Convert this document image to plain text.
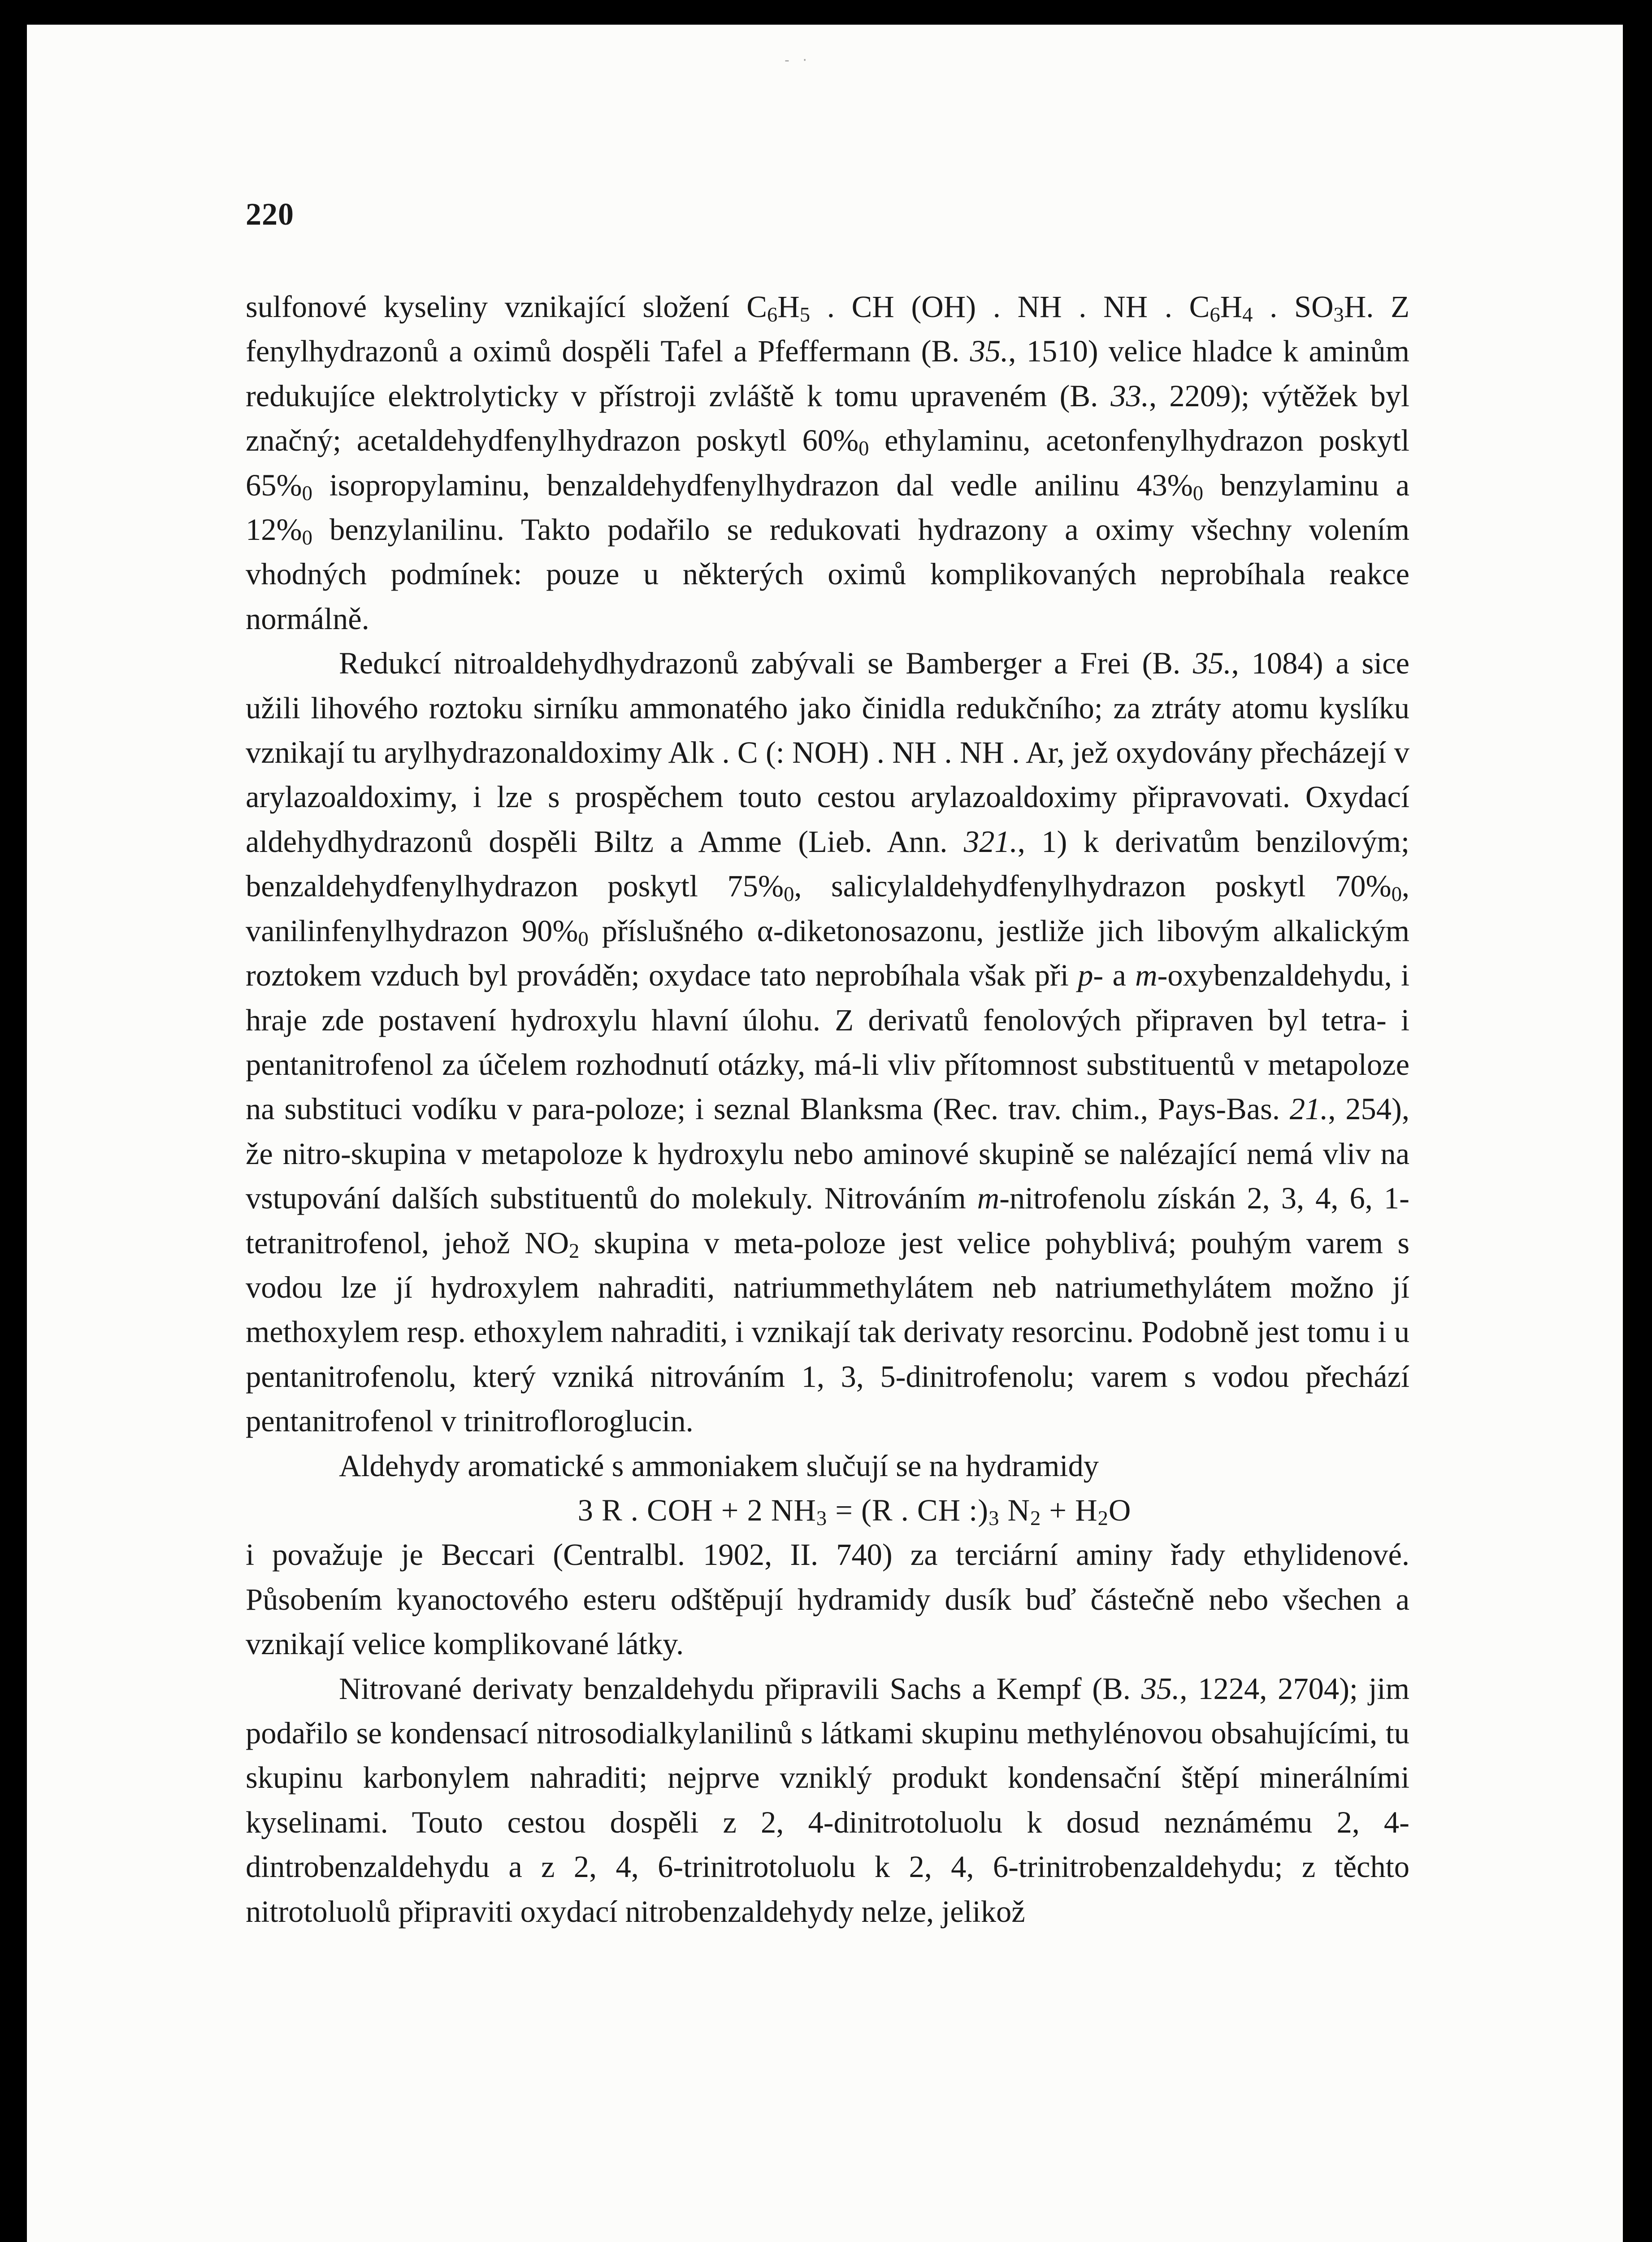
- ·
220

sulfonové kyseliny vznikající složení $C_6H_5$ . CH (OH) . NH . NH . $C_6H_4$ . $SO_3H$. Z fenylhydrazonů a oximů dospěli Tafel a Pfeffermann (B. 35., 1510) velice hladce k aminům redukujíce elektrolyticky v přístroji zvláště k tomu upraveném (B. 33., 2209); výtěžek byl značný; acetaldehydfenylhydrazon poskytl $60\%_0$ ethylaminu, acetonfenylhydrazon poskytl $65\%_0$ isopropylaminu, benzaldehydfenylhydrazon dal vedle anilinu $43\%_0$ benzylaminu a $12\%_0$ benzylanilinu. Takto podařilo se redukovati hydrazony a oximy všechny volením vhodných podmínek: pouze u některých oximů komplikovaných neprobíhala reakce normálně.

Redukcí nitroaldehydhydrazonů zabývali se Bamberger a Frei (B. 35., 1084) a sice užili lihového roztoku sirníku ammonatého jako činidla redukčního; za ztráty atomu kyslíku vznikají tu arylhydrazonaldoximy Alk . C (: NOH) . NH . NH . Ar, jež oxydovány přecházejí v arylazoaldoximy, i lze s prospěchem touto cestou arylazoaldoximy připravovati. Oxydací aldehydhydrazonů dospěli Biltz a Amme (Lieb. Ann. 321., 1) k derivatům benzilovým; benzaldehydfenylhydrazon poskytl $75\%_0$, salicylaldehydfenylhydrazon poskytl $70\%_0$, vanilinfenylhydrazon $90\%_0$ příslušného α-diketonosazonu, jestliže jich libovým alkalickým roztokem vzduch byl prováděn; oxydace tato neprobíhala však při p- a m-oxybenzaldehydu, i hraje zde postavení hydroxylu hlavní úlohu. Z derivatů fenolových připraven byl tetra- i pentanitrofenol za účelem rozhodnutí otázky, má-li vliv přítomnost substituentů v metapoloze na substituci vodíku v para-poloze; i seznal Blanksma (Rec. trav. chim., Pays-Bas. 21., 254), že nitro-skupina v metapoloze k hydroxylu nebo aminové skupině se nalézající nemá vliv na vstupování dalších substituentů do molekuly. Nitrováním m-nitrofenolu získán 2, 3, 4, 6, 1-tetranitrofenol, jehož $NO_2$ skupina v meta-poloze jest velice pohyblivá; pouhým varem s vodou lze jí hydroxylem nahraditi, natriummethylátem neb natriumethylátem možno jí methoxylem resp. ethoxylem nahraditi, i vznikají tak derivaty resorcinu. Podobně jest tomu i u pentanitrofenolu, který vzniká nitrováním 1, 3, 5-dinitrofenolu; varem s vodou přechází pentanitrofenol v trinitrofloroglucin.

Aldehydy aromatické s ammoniakem slučují se na hydramidy

3 R . COH + 2 $NH_3 = (R$ . CH $:)_3$ $N_2 + H_2O$

i považuje je Beccari (Centralbl. 1902, II. 740) za terciární aminy řady ethylidenové. Působením kyanoctového esteru odštěpují hydramidy dusík buď částečně nebo všechen a vznikají velice komplikované látky.

Nitrované derivaty benzaldehydu připravili Sachs a Kempf (B. 35., 1224, 2704); jim podařilo se kondensací nitrosodialkylanilinů s látkami skupinu methylénovou obsahujícími, tu skupinu karbonylem nahraditi; nejprve vzniklý produkt kondensační štěpí minerálními kyselinami. Touto cestou dospěli z 2, 4-dinitrotoluolu k dosud neznámému 2, 4-dintrobenzaldehydu a z 2, 4, 6-trinitrotoluolu k 2, 4, 6-trinitrobenzaldehydu; z těchto nitrotoluolů připraviti oxydací nitrobenzaldehydy nelze, jelikož
